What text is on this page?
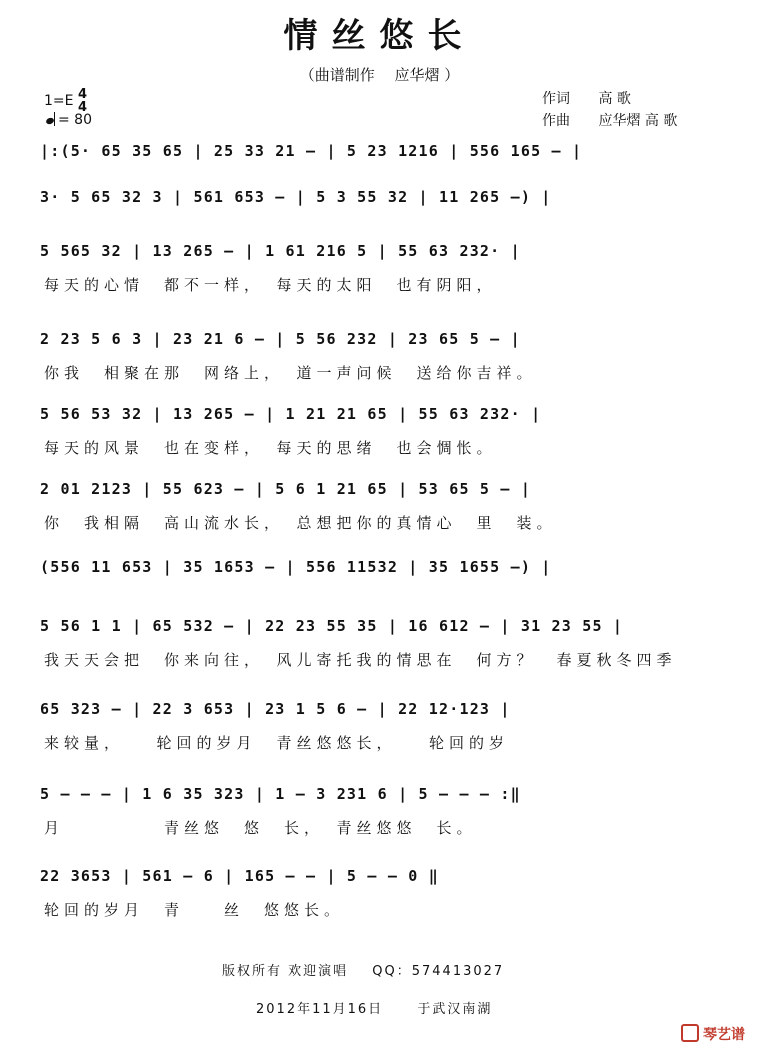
情丝悠长
（曲谱制作　 应华熠 ）
1=E 4
4
= 80
作词 高 歌
作曲 应华熠 高 歌
|:(5· 65 35 65 | 25 33 21 – | 5 23 1216 | 556 165 – |
3· 5 65 32 3 | 561 653 – | 5 3 55 32 | 11 265 –) |
5 565 32 | 13 265 – | 1 61 216 5 | 55 63 232· |
每天的心情　都不一样，　每天的太阳　也有阴阳，
2 23 5 6 3 | 23 21 6 – | 5 56 232 | 23 65 5 – |
你我　相聚在那　网络上，　道一声问候　送给你吉祥。
5 56 53 32 | 13 265 – | 1 21 21 65 | 55 63 232· |
每天的风景　也在变样，　每天的思绪　也会惆怅。
2 01 2123 | 55 623 – | 5 6 1 21 65 | 53 65 5 – |
你　我相隔　高山流水长，　总想把你的真情心　里　装。
(556 11 653 | 35 1653 – | 556 11532 | 35 1655 –) |
5 56 1 1 | 65 532 – | 22 23 55 35 | 16 612 – | 31 23 55 |
我天天会把　你来向往，　风儿寄托我的情思在　何方？　春夏秋冬四季
65 323 – | 22 3 653 | 23 1 5 6 – | 22 12·123 |
来较量，　　轮回的岁月　青丝悠悠长，　　轮回的岁
5 – – – | 1 6 35 323 | 1 – 3 231 6 | 5 – – – :‖
月　　　　　青丝悠　悠　长，　青丝悠悠　长。
22 3653 | 561 – 6 | 165 – – | 5 – – 0 ‖
轮回的岁月　青　　丝　悠悠长。
版权所有 欢迎演唱 QQ：574413027
2012年11月16日	于武汉南湖
琴艺谱
